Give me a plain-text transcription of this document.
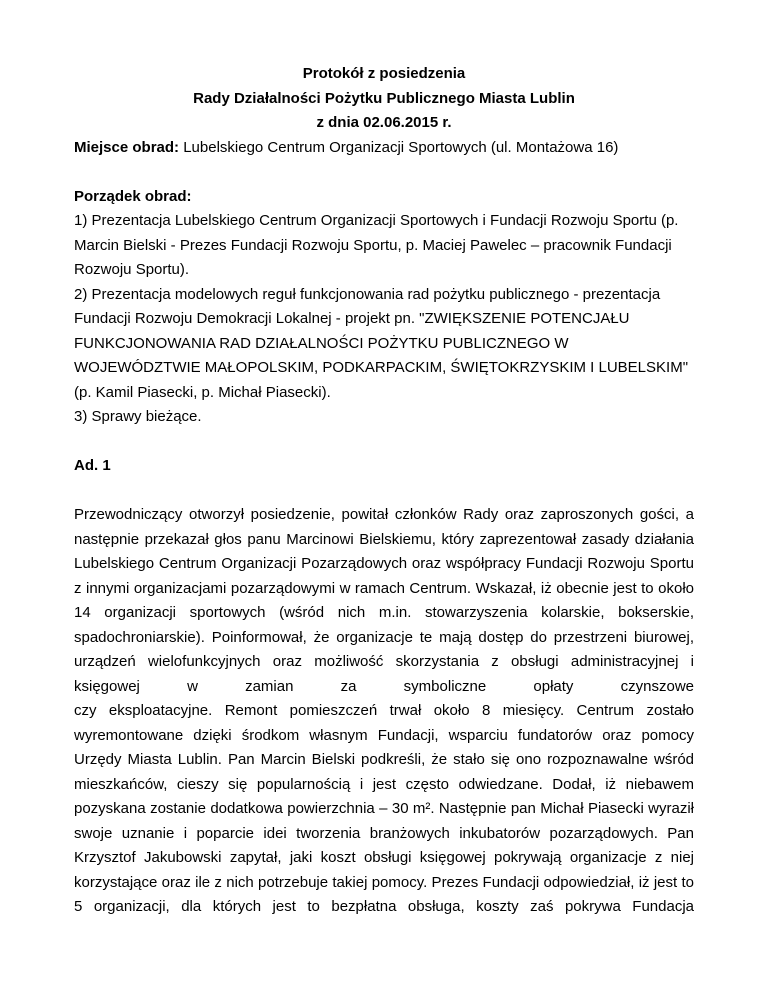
Protokół z posiedzenia

Rady Działalności Pożytku Publicznego Miasta Lublin

z dnia 02.06.2015 r.

Miejsce obrad: Lubelskiego Centrum Organizacji Sportowych (ul. Montażowa 16)

Porządek obrad:

1) Prezentacja Lubelskiego Centrum Organizacji Sportowych i Fundacji Rozwoju Sportu (p. Marcin Bielski - Prezes Fundacji Rozwoju Sportu, p. Maciej Pawelec – pracownik Fundacji Rozwoju Sportu).

2) Prezentacja modelowych reguł funkcjonowania rad pożytku publicznego - prezentacja Fundacji Rozwoju Demokracji Lokalnej - projekt pn. "ZWIĘKSZENIE POTENCJAŁU FUNKCJONOWANIA RAD DZIAŁALNOŚCI POŻYTKU PUBLICZNEGO W WOJEWÓDZTWIE MAŁOPOLSKIM, PODKARPACKIM, ŚWIĘTOKRZYSKIM I LUBELSKIM" (p. Kamil Piasecki, p. Michał Piasecki).

3) Sprawy bieżące.

Ad. 1

Przewodniczący otworzył posiedzenie, powitał członków Rady oraz zaproszonych gości, a następnie przekazał głos panu Marcinowi Bielskiemu, który zaprezentował zasady działania Lubelskiego Centrum Organizacji Pozarządowych oraz współpracy Fundacji Rozwoju Sportu z innymi organizacjami pozarządowymi w ramach Centrum. Wskazał, iż obecnie jest to około 14 organizacji sportowych (wśród nich m.in. stowarzyszenia kolarskie, bokserskie, spadochroniarskie). Poinformował, że organizacje te mają dostęp do przestrzeni biurowej, urządzeń wielofunkcyjnych oraz możliwość skorzystania z obsługi administracyjnej i księgowej w zamian za symboliczne opłaty czynszowe

czy eksploatacyjne. Remont pomieszczeń trwał około 8 miesięcy. Centrum zostało wyremontowane dzięki środkom własnym Fundacji, wsparciu fundatorów oraz pomocy Urzędy Miasta Lublin. Pan Marcin Bielski podkreśli, że stało się ono rozpoznawalne wśród mieszkańców, cieszy się popularnością i jest często odwiedzane. Dodał, iż niebawem pozyskana zostanie dodatkowa powierzchnia – 30 m². Następnie pan Michał Piasecki wyraził swoje uznanie i poparcie idei tworzenia branżowych inkubatorów pozarządowych. Pan Krzysztof Jakubowski zapytał, jaki koszt obsługi księgowej pokrywają organizacje z niej korzystające oraz ile z nich potrzebuje takiej pomocy. Prezes Fundacji odpowiedział, iż jest to 5 organizacji, dla których jest to bezpłatna obsługa, koszty zaś pokrywa Fundacja
